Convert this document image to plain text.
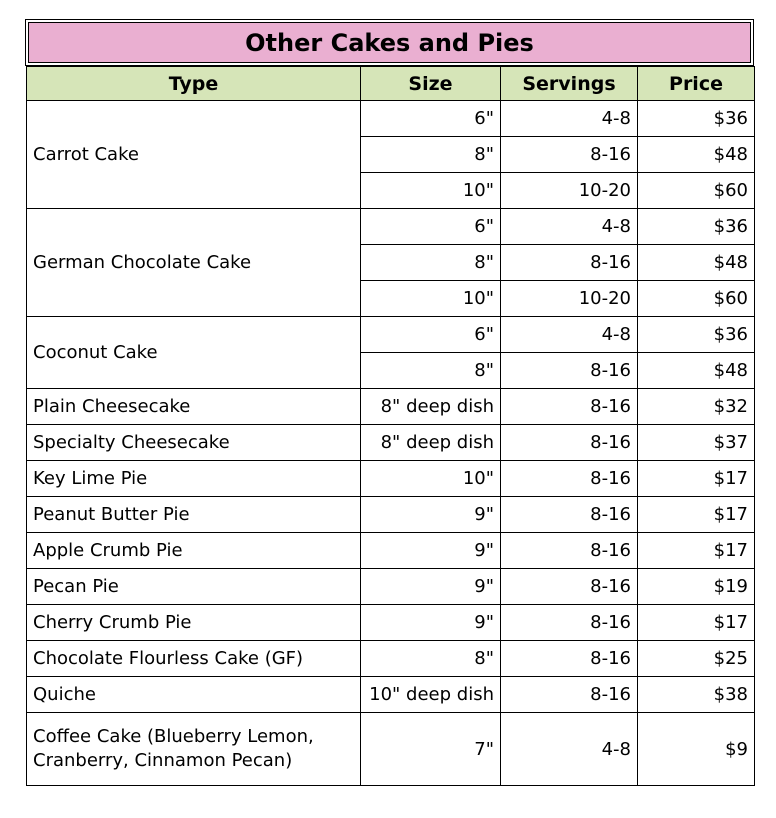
Other Cakes and Pies
Type	Size	Servings	Price
Carrot Cake	6"	4-8	$36
	8"	8-16	$48
	10"	10-20	$60
German Chocolate Cake	6"	4-8	$36
	8"	8-16	$48
	10"	10-20	$60
Coconut Cake	6"	4-8	$36
	8"	8-16	$48
Plain Cheesecake	8" deep dish	8-16	$32
Specialty Cheesecake	8" deep dish	8-16	$37
Key Lime Pie	10"	8-16	$17
Peanut Butter Pie	9"	8-16	$17
Apple Crumb Pie	9"	8-16	$17
Pecan Pie	9"	8-16	$19
Cherry Crumb Pie	9"	8-16	$17
Chocolate Flourless Cake (GF)	8"	8-16	$25
Quiche	10" deep dish	8-16	$38
Coffee Cake (Blueberry Lemon, Cranberry, Cinnamon Pecan)	7"	4-8	$9
